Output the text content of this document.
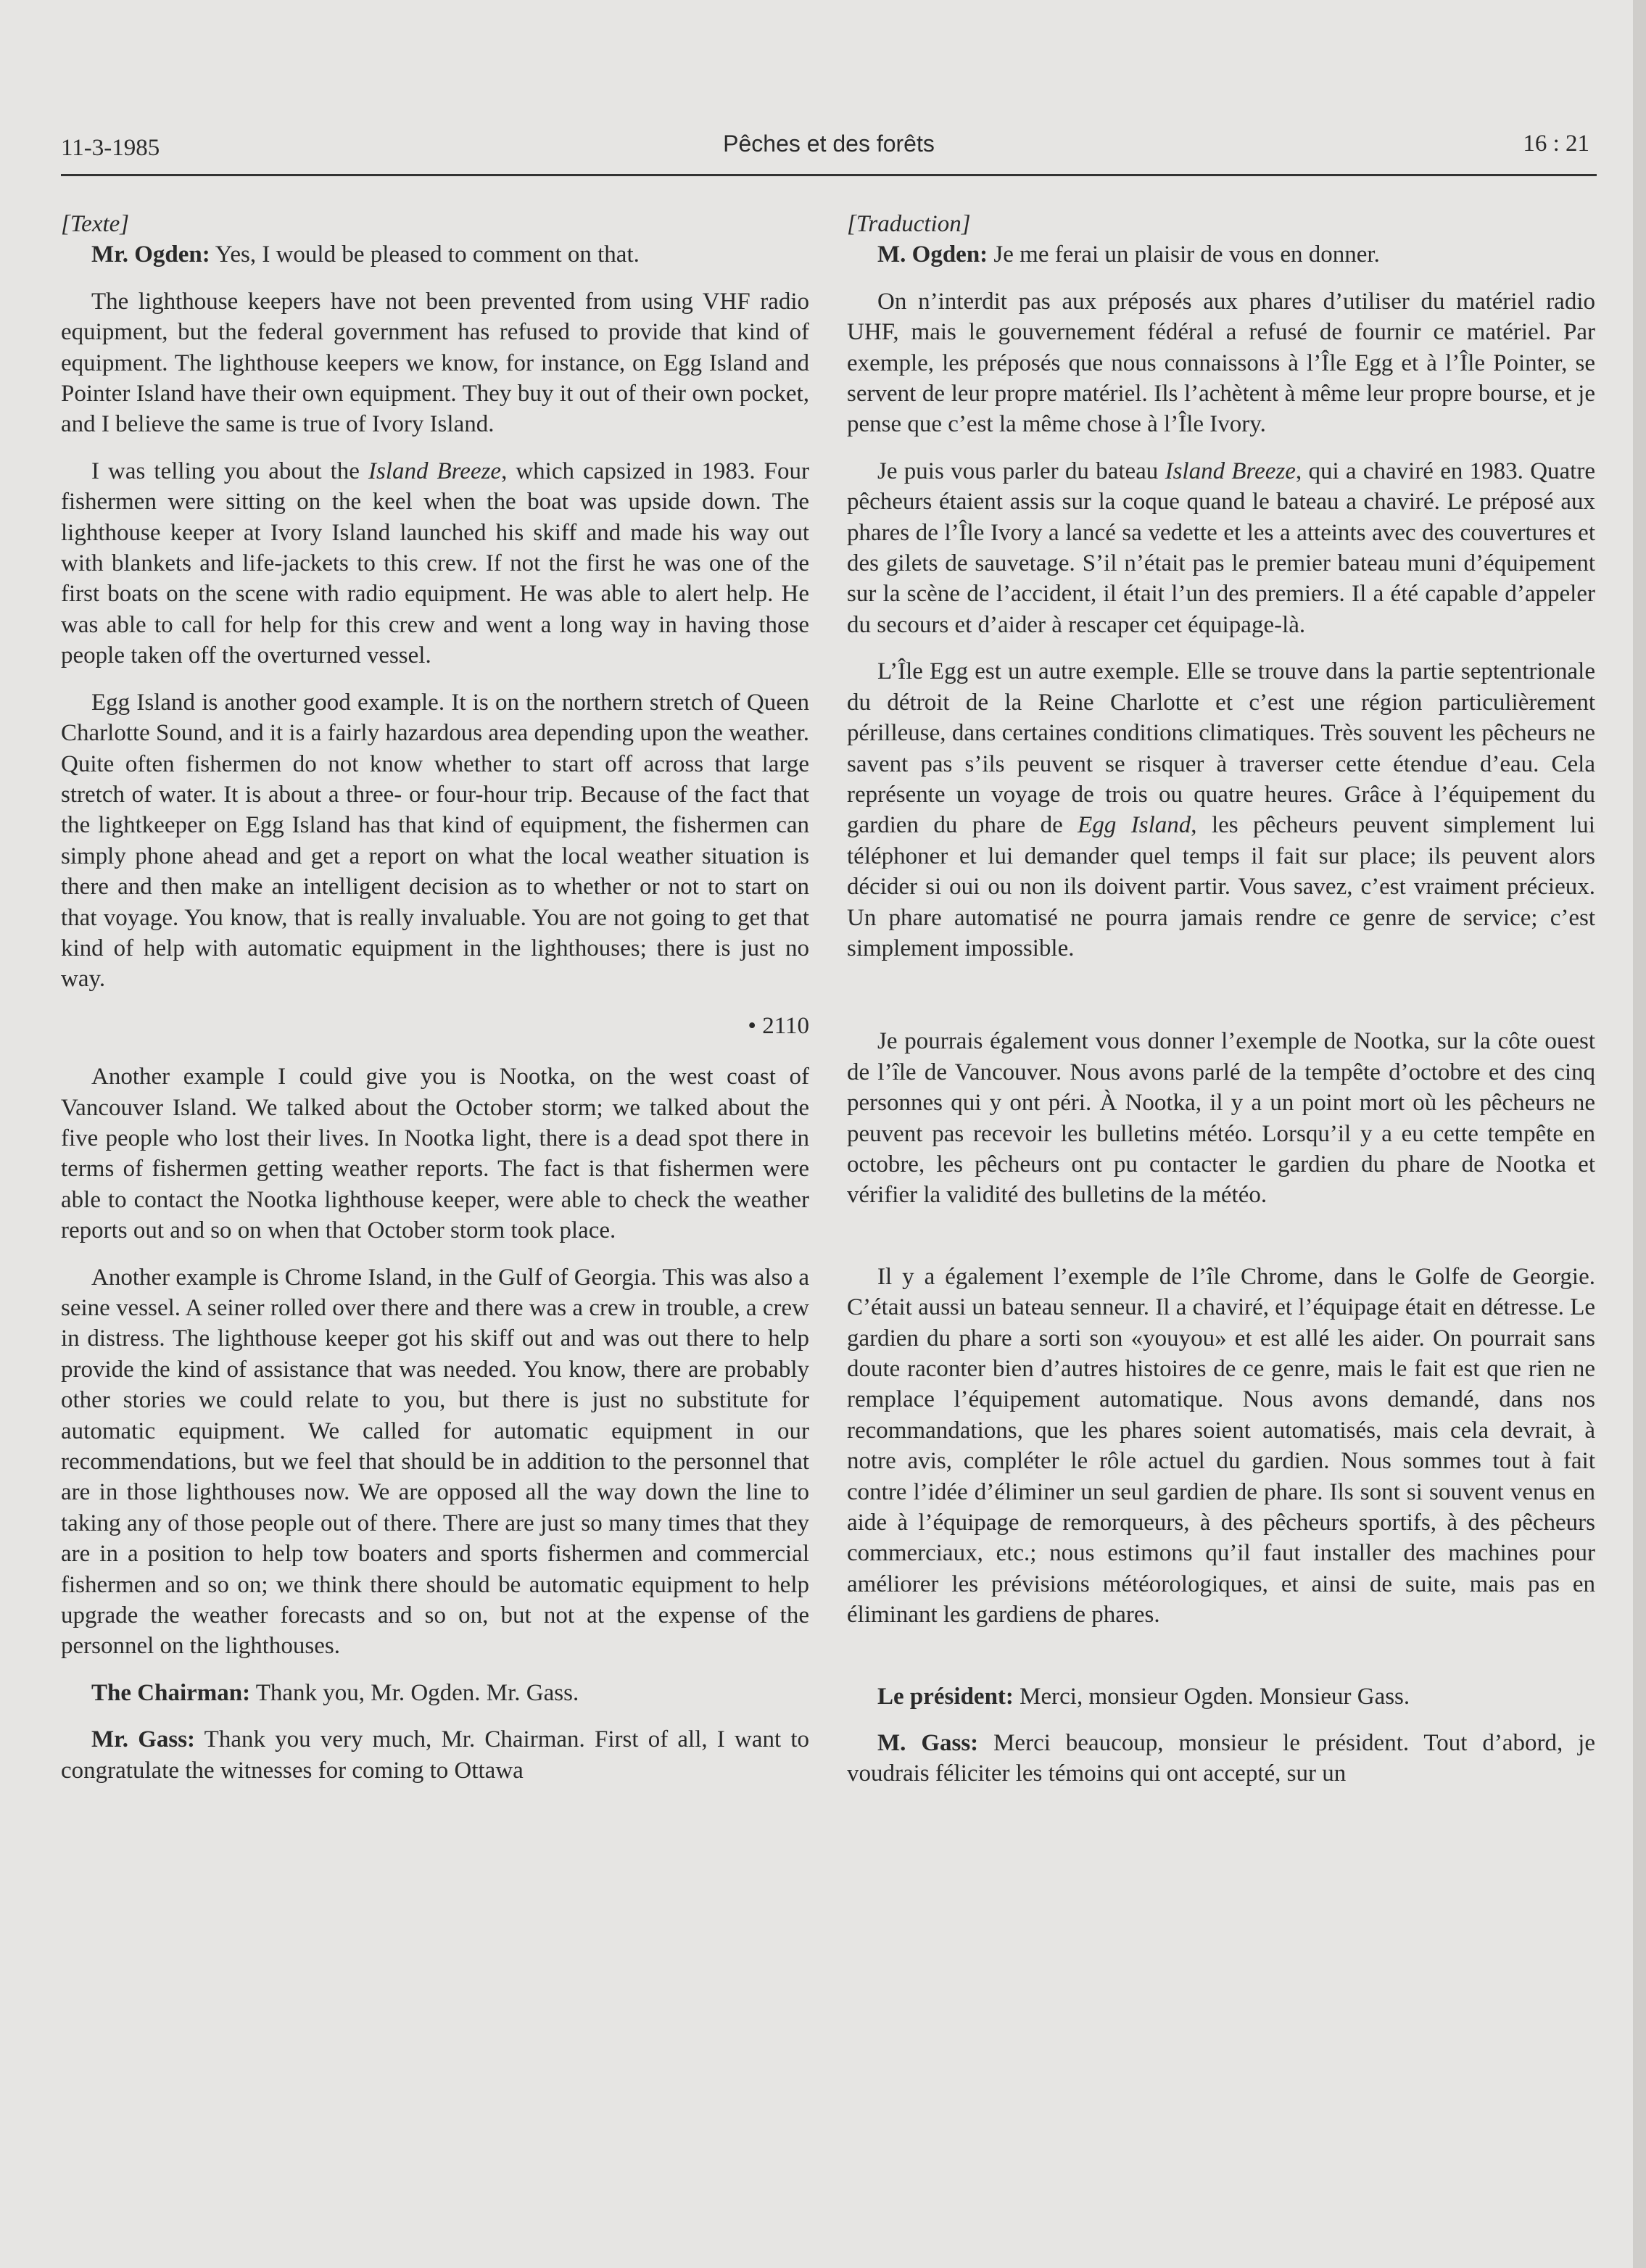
11-3-1985	Pêches et des forêts	16 : 21

[Texte]

Mr. Ogden: Yes, I would be pleased to comment on that.

The lighthouse keepers have not been prevented from using VHF radio equipment, but the federal government has refused to provide that kind of equipment. The lighthouse keepers we know, for instance, on Egg Island and Pointer Island have their own equipment. They buy it out of their own pocket, and I believe the same is true of Ivory Island.

I was telling you about the Island Breeze, which capsized in 1983. Four fishermen were sitting on the keel when the boat was upside down. The lighthouse keeper at Ivory Island launched his skiff and made his way out with blankets and life-jackets to this crew. If not the first he was one of the first boats on the scene with radio equipment. He was able to alert help. He was able to call for help for this crew and went a long way in having those people taken off the overturned vessel.

Egg Island is another good example. It is on the northern stretch of Queen Charlotte Sound, and it is a fairly hazardous area depending upon the weather. Quite often fishermen do not know whether to start off across that large stretch of water. It is about a three- or four-hour trip. Because of the fact that the lightkeeper on Egg Island has that kind of equipment, the fishermen can simply phone ahead and get a report on what the local weather situation is there and then make an intelligent decision as to whether or not to start on that voyage. You know, that is really invaluable. You are not going to get that kind of help with automatic equipment in the lighthouses; there is just no way.

• 2110

Another example I could give you is Nootka, on the west coast of Vancouver Island. We talked about the October storm; we talked about the five people who lost their lives. In Nootka light, there is a dead spot there in terms of fishermen getting weather reports. The fact is that fishermen were able to contact the Nootka lighthouse keeper, were able to check the weather reports out and so on when that October storm took place.

Another example is Chrome Island, in the Gulf of Georgia. This was also a seine vessel. A seiner rolled over there and there was a crew in trouble, a crew in distress. The lighthouse keeper got his skiff out and was out there to help provide the kind of assistance that was needed. You know, there are probably other stories we could relate to you, but there is just no substitute for automatic equipment. We called for automatic equipment in our recommendations, but we feel that should be in addition to the personnel that are in those lighthouses now. We are opposed all the way down the line to taking any of those people out of there. There are just so many times that they are in a position to help tow boaters and sports fishermen and commercial fishermen and so on; we think there should be automatic equipment to help upgrade the weather forecasts and so on, but not at the expense of the personnel on the lighthouses.

The Chairman: Thank you, Mr. Ogden. Mr. Gass.

Mr. Gass: Thank you very much, Mr. Chairman. First of all, I want to congratulate the witnesses for coming to Ottawa

[Traduction]

M. Ogden: Je me ferai un plaisir de vous en donner.

On n’interdit pas aux préposés aux phares d’utiliser du matériel radio UHF, mais le gouvernement fédéral a refusé de fournir ce matériel. Par exemple, les préposés que nous connaissons à l’Île Egg et à l’Île Pointer, se servent de leur propre matériel. Ils l’achètent à même leur propre bourse, et je pense que c’est la même chose à l’Île Ivory.

Je puis vous parler du bateau Island Breeze, qui a chaviré en 1983. Quatre pêcheurs étaient assis sur la coque quand le bateau a chaviré. Le préposé aux phares de l’Île Ivory a lancé sa vedette et les a atteints avec des couvertures et des gilets de sauvetage. S’il n’était pas le premier bateau muni d’équipement sur la scène de l’accident, il était l’un des premiers. Il a été capable d’appeler du secours et d’aider à rescaper cet équipage-là.

L’Île Egg est un autre exemple. Elle se trouve dans la partie septentrionale du détroit de la Reine Charlotte et c’est une région particulièrement périlleuse, dans certaines conditions climatiques. Très souvent les pêcheurs ne savent pas s’ils peuvent se risquer à traverser cette étendue d’eau. Cela représente un voyage de trois ou quatre heures. Grâce à l’équipement du gardien du phare de Egg Island, les pêcheurs peuvent simplement lui téléphoner et lui demander quel temps il fait sur place; ils peuvent alors décider si oui ou non ils doivent partir. Vous savez, c’est vraiment précieux. Un phare automatisé ne pourra jamais rendre ce genre de service; c’est simplement impossible.

Je pourrais également vous donner l’exemple de Nootka, sur la côte ouest de l’île de Vancouver. Nous avons parlé de la tempête d’octobre et des cinq personnes qui y ont péri. À Nootka, il y a un point mort où les pêcheurs ne peuvent pas recevoir les bulletins météo. Lorsqu’il y a eu cette tempête en octobre, les pêcheurs ont pu contacter le gardien du phare de Nootka et vérifier la validité des bulletins de la météo.

Il y a également l’exemple de l’île Chrome, dans le Golfe de Georgie. C’était aussi un bateau senneur. Il a chaviré, et l’équipage était en détresse. Le gardien du phare a sorti son «youyou» et est allé les aider. On pourrait sans doute raconter bien d’autres histoires de ce genre, mais le fait est que rien ne remplace l’équipement automatique. Nous avons demandé, dans nos recommandations, que les phares soient automatisés, mais cela devrait, à notre avis, compléter le rôle actuel du gardien. Nous sommes tout à fait contre l’idée d’éliminer un seul gardien de phare. Ils sont si souvent venus en aide à l’équipage de remorqueurs, à des pêcheurs sportifs, à des pêcheurs commerciaux, etc.; nous estimons qu’il faut installer des machines pour améliorer les prévisions météorologiques, et ainsi de suite, mais pas en éliminant les gardiens de phares.

Le président: Merci, monsieur Ogden. Monsieur Gass.

M. Gass: Merci beaucoup, monsieur le président. Tout d’abord, je voudrais féliciter les témoins qui ont accepté, sur un
